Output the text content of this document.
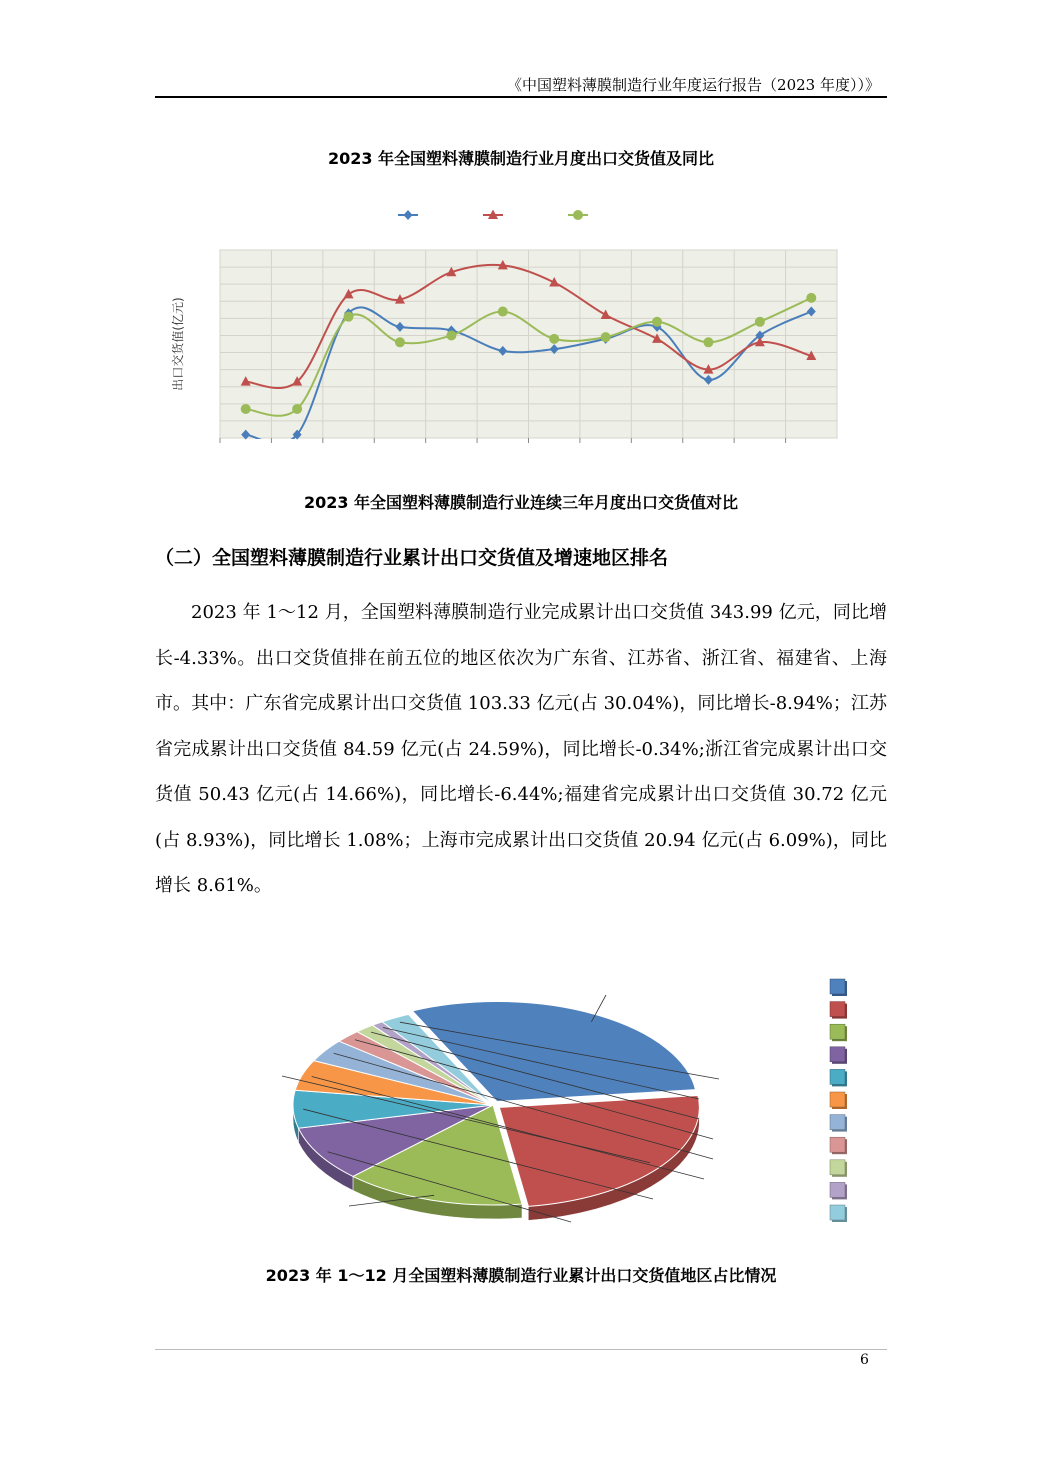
《中国塑料薄膜制造行业年度运行报告（2023 年度））》
2023 年全国塑料薄膜制造行业月度出口交货值及同比
出口交货值(亿元)
2023 年全国塑料薄膜制造行业连续三年月度出口交货值对比
（二）全国塑料薄膜制造行业累计出口交货值及增速地区排名
2023 年 1～12 月，全国塑料薄膜制造行业完成累计出口交货值 343.99 亿元，同比增长-4.33%。出口交货值排在前五位的地区依次为广东省、江苏省、浙江省、福建省、上海市。其中：广东省完成累计出口交货值 103.33 亿元(占 30.04%)，同比增长-8.94%；江苏省完成累计出口交货值 84.59 亿元(占 24.59%)，同比增长-0.34%;浙江省完成累计出口交货值 50.43 亿元(占 14.66%)，同比增长-6.44%;福建省完成累计出口交货值 30.72 亿元(占 8.93%)，同比增长 1.08%；上海市完成累计出口交货值 20.94 亿元(占 6.09%)，同比增长 8.61%。
2023 年 1～12 月全国塑料薄膜制造行业累计出口交货值地区占比情况
6
